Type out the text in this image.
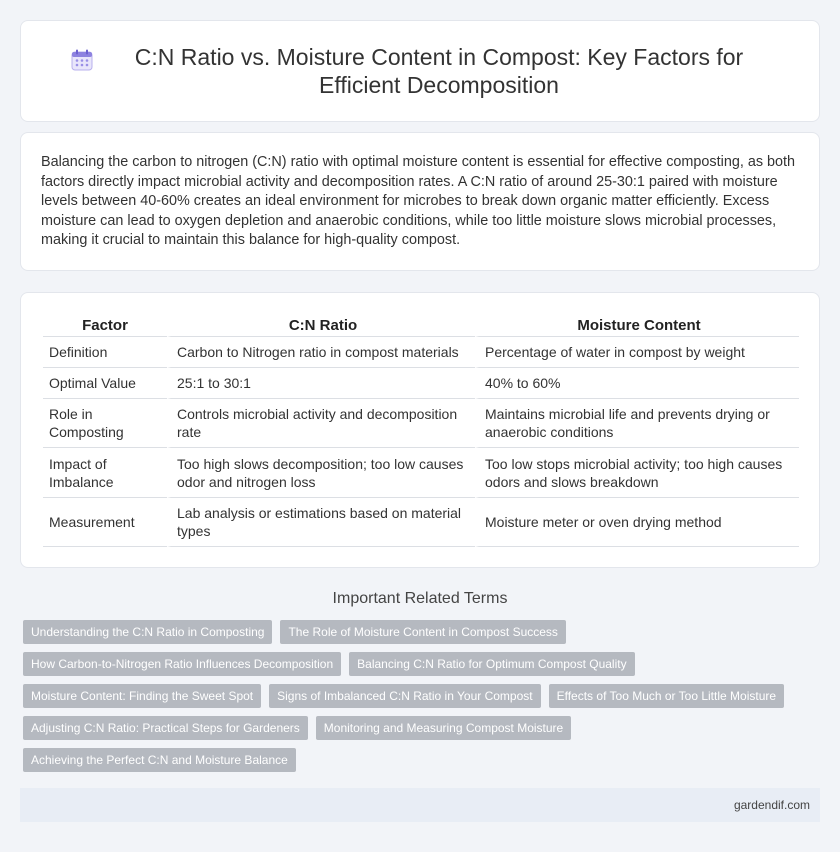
C:N Ratio vs. Moisture Content in Compost: Key Factors for Efficient Decomposition

Balancing the carbon to nitrogen (C:N) ratio with optimal moisture content is essential for effective composting, as both factors directly impact microbial activity and decomposition rates. A C:N ratio of around 25-30:1 paired with moisture levels between 40-60% creates an ideal environment for microbes to break down organic matter efficiently. Excess moisture can lead to oxygen depletion and anaerobic conditions, while too little moisture slows microbial processes, making it crucial to maintain this balance for high-quality compost.

Factor	C:N Ratio	Moisture Content
Definition	Carbon to Nitrogen ratio in compost materials	Percentage of water in compost by weight
Optimal Value	25:1 to 30:1	40% to 60%
Role in Composting	Controls microbial activity and decomposition rate	Maintains microbial life and prevents drying or anaerobic conditions
Impact of Imbalance	Too high slows decomposition; too low causes odor and nitrogen loss	Too low stops microbial activity; too high causes odors and slows breakdown
Measurement	Lab analysis or estimations based on material types	Moisture meter or oven drying method
Important Related Terms
Understanding the C:N Ratio in Composting	The Role of Moisture Content in Compost Success
How Carbon-to-Nitrogen Ratio Influences Decomposition	Balancing C:N Ratio for Optimum Compost Quality
Moisture Content: Finding the Sweet Spot	Signs of Imbalanced C:N Ratio in Your Compost	Effects of Too Much or Too Little Moisture
Adjusting C:N Ratio: Practical Steps for Gardeners	Monitoring and Measuring Compost Moisture
Achieving the Perfect C:N and Moisture Balance
gardendif.com
